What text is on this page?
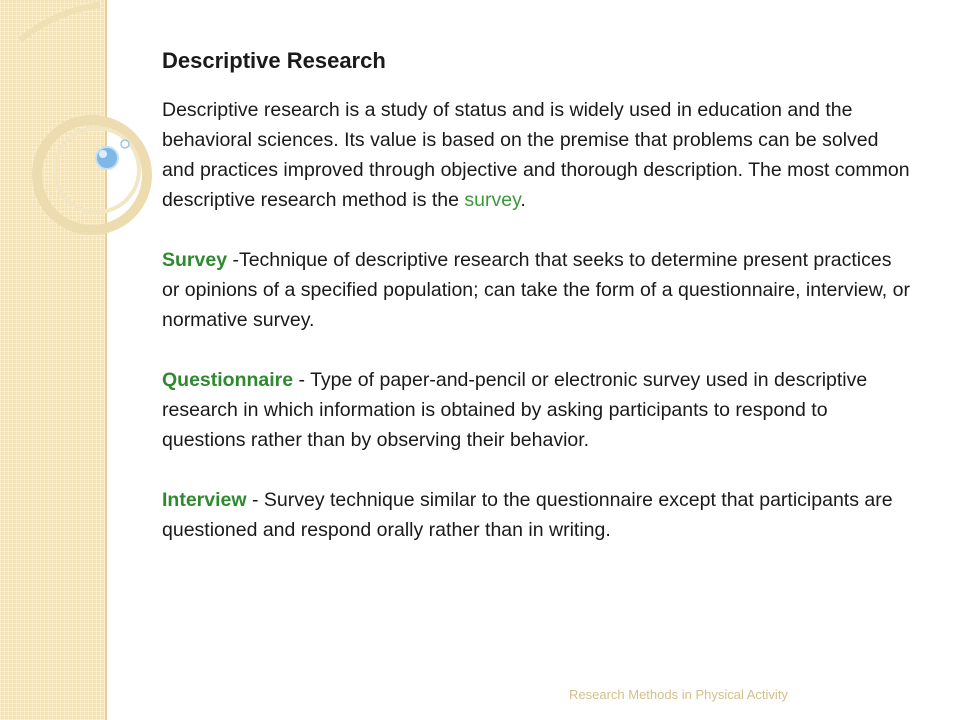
Descriptive Research

Descriptive research is a study of status and is widely used in education and the behavioral sciences. Its value is based on the premise that problems can be solved and practices improved through objective and thorough description. The most common descriptive research method is the survey.

Survey -Technique of descriptive research that seeks to determine present practices or opinions of a specified population; can take the form of a questionnaire, interview, or normative survey.

Questionnaire - Type of paper-and-pencil or electronic survey used in descriptive research in which information is obtained by asking participants to respond to questions rather than by observing their behavior.

Interview - Survey technique similar to the questionnaire except that participants are questioned and respond orally rather than in writing.

Research Methods in Physical Activity
